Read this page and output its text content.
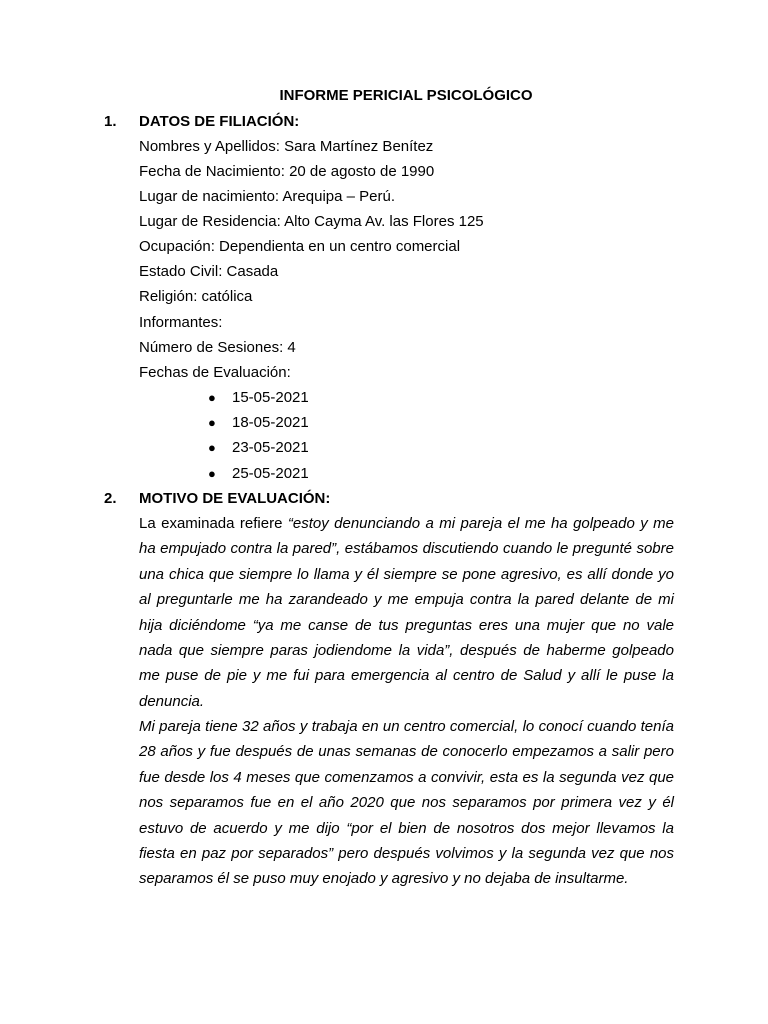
INFORME PERICIAL PSICOLÓGICO
1. DATOS DE FILIACIÓN:
Nombres y Apellidos: Sara Martínez Benítez
Fecha de Nacimiento: 20 de agosto de 1990
Lugar de nacimiento: Arequipa – Perú.
Lugar de Residencia: Alto Cayma Av. las Flores 125
Ocupación: Dependienta en un centro comercial
Estado Civil: Casada
Religión: católica
Informantes:
Número de Sesiones: 4
Fechas de Evaluación:
● 15-05-2021
● 18-05-2021
● 23-05-2021
● 25-05-2021
2. MOTIVO DE EVALUACIÓN:
La examinada refiere “estoy denunciando a mi pareja el me ha golpeado y me ha empujado contra la pared”, estábamos discutiendo cuando le pregunté sobre una chica que siempre lo llama y él siempre se pone agresivo, es allí donde yo al preguntarle me ha zarandeado y me empuja contra la pared delante de mi hija diciéndome “ya me canse de tus preguntas eres una mujer que no vale nada que siempre paras jodiendome la vida”, después de haberme golpeado me puse de pie y me fui para emergencia al centro de Salud y allí le puse la denuncia.
Mi pareja tiene 32 años y trabaja en un centro comercial, lo conocí cuando tenía 28 años y fue después de unas semanas de conocerlo empezamos a salir pero fue desde los 4 meses que comenzamos a convivir, esta es la segunda vez que nos separamos fue en el año 2020 que nos separamos por primera vez y él estuvo de acuerdo y me dijo “por el bien de nosotros dos mejor llevamos la fiesta en paz por separados” pero después volvimos y la segunda vez que nos separamos él se puso muy enojado y agresivo y no dejaba de insultarme.
